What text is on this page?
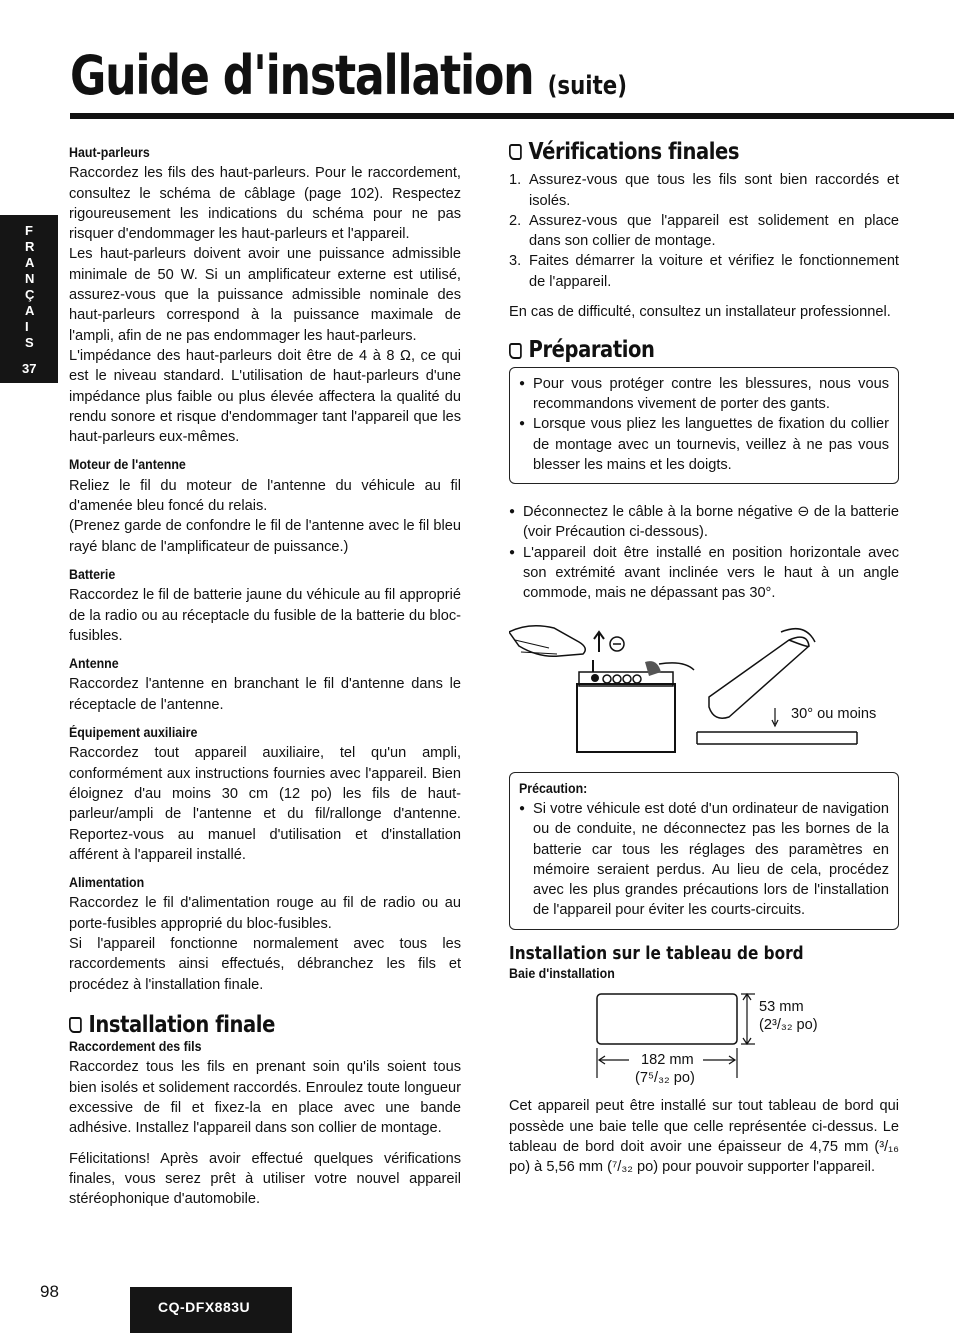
Guide d'installation (suite)
F
R
A
N
Ç
A
I
S
37
Haut-parleurs

Raccordez les fils des haut-parleurs. Pour le raccordement, consultez le schéma de câblage (page 102). Respectez rigoureusement les indications du schéma pour ne pas risquer d'endommager les haut-parleurs et l'appareil.

Les haut-parleurs doivent avoir une puissance admissible minimale de 50 W. Si un amplificateur externe est utilisé, assurez-vous que la puissance admissible nominale des haut-parleurs correspond à la puissance maximale de l'ampli, afin de ne pas endommager les haut-parleurs.

L'impédance des haut-parleurs doit être de 4 à 8 Ω, ce qui est le niveau standard. L'utilisation de haut-parleurs d'une impédance plus faible ou plus élevée affectera la qualité du rendu sonore et risque d'endommager tant l'appareil que les haut-parleurs eux-mêmes.

Moteur de l'antenne

Reliez le fil du moteur de l'antenne du véhicule au fil d'amenée bleu foncé du relais.

(Prenez garde de confondre le fil de l'antenne avec le fil bleu rayé blanc de l'amplificateur de puissance.)

Batterie

Raccordez le fil de batterie jaune du véhicule au fil approprié de la radio ou au réceptacle du fusible de la batterie du bloc-fusibles.

Antenne

Raccordez l'antenne en branchant le fil d'antenne dans le réceptacle de l'antenne.

Équipement auxiliaire

Raccordez tout appareil auxiliaire, tel qu'un ampli, conformément aux instructions fournies avec l'appareil. Bien éloignez d'au moins 30 cm (12 po) les fils de haut-parleur/ampli de l'antenne et du fil/rallonge d'antenne. Reportez-vous au manuel d'utilisation et d'installation afférent à l'appareil installé.

Alimentation

Raccordez le fil d'alimentation rouge au fil de radio ou au porte-fusibles approprié du bloc-fusibles.

Si l'appareil fonctionne normalement avec tous les raccordements ainsi effectués, débranchez les fils et procédez à l'installation finale.

Installation finale
Raccordement des fils

Raccordez tous les fils en prenant soin qu'ils soient tous bien isolés et solidement raccordés. Enroulez toute longueur excessive de fil et fixez-la en place avec une bande adhésive. Installez l'appareil dans son collier de montage.

Félicitations! Après avoir effectué quelques vérifications finales, vous serez prêt à utiliser votre nouvel appareil stéréophonique d'automobile.

Vérifications finales
1. Assurez-vous que tous les fils sont bien raccordés et isolés.
2. Assurez-vous que l'appareil est solidement en place dans son collier de montage.
3. Faites démarrer la voiture et vérifiez le fonctionnement de l'appareil.

En cas de difficulté, consultez un installateur professionnel.

Préparation
● Pour vous protéger contre les blessures, nous vous recommandons vivement de porter des gants.
● Lorsque vous pliez les languettes de fixation du collier de montage avec un tournevis, veillez à ne pas vous blesser les mains et les doigts.
● Déconnectez le câble à la borne négative ⊖ de la batterie (voir Précaution ci-dessous).
● L'appareil doit être installé en position horizontale avec son extrémité avant inclinée vers le haut à un angle commode, mais ne dépassant pas 30°.
30° ou moins
Précaution:
● Si votre véhicule est doté d'un ordinateur de navigation ou de conduite, ne déconnectez pas les bornes de la batterie car tous les réglages des paramètres en mémoire seraient perdus. Au lieu de cela, procédez avec les plus grandes précautions lors de l'installation de l'appareil pour éviter les courts-circuits.
Installation sur le tableau de bord
Baie d'installation
53 mm
(2³/₃₂ po)
182 mm
(7⁵/₃₂ po)

Cet appareil peut être installé sur tout tableau de bord qui possède une baie telle que celle représentée ci-dessus. Le tableau de bord doit avoir une épaisseur de 4,75 mm (³/₁₆ po) à 5,56 mm (⁷/₃₂ po) pour pouvoir supporter l'appareil.

98
CQ-DFX883U
